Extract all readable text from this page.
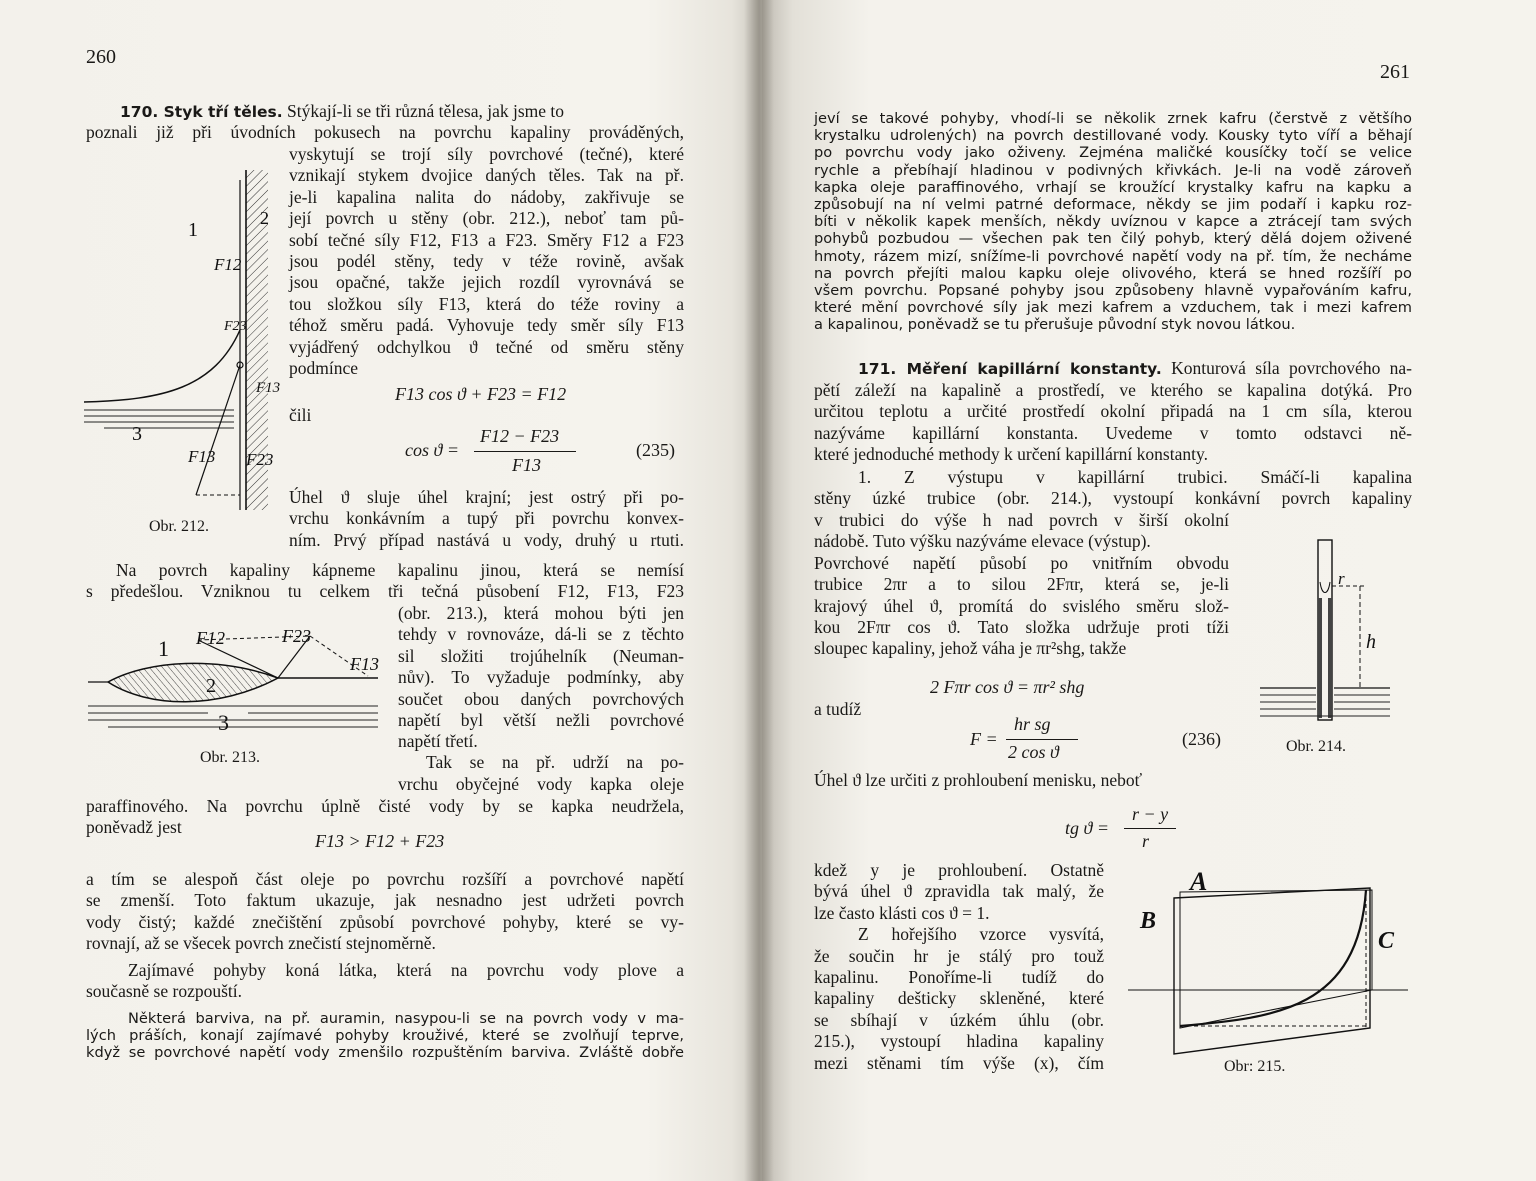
260
170. Styk tří těles. Stýkají-li se tři různá tělesa, jak jsme to
poznali již při úvodních pokusech na povrchu kapaliny prováděných,
vyskytují se trojí síly povrchové (tečné), které
vznikají stykem dvojice daných těles. Tak na př.
je-li kapalina nalita do nádoby, zakřivuje se
její povrch u stěny (obr. 212.), neboť tam pů-
sobí tečné síly F12, F13 a F23. Směry F12 a F23
jsou podél stěny, tedy v téže rovině, avšak
jsou opačné, takže jejich rozdíl vyrovnává se
tou složkou síly F13, která do téže roviny a
téhož směru padá. Vyhovuje tedy směr síly F13
vyjádřený odchylkou ϑ tečné od směru stěny
podmínce
F13 cos ϑ + F23 = F12
čili
cos ϑ =
F12 − F23
F13
(235)
Úhel ϑ sluje úhel krajní; jest ostrý při po-
vrchu konkávním a tupý při povrchu konvex-
ním. Prvý případ nastává u vody, druhý u rtuti.
1
2
3
F12
F13 F23
F13
F23
Obr. 212.
Na povrch kapaliny kápneme kapalinu jinou, která se nemísí
s předešlou. Vzniknou tu celkem tři tečná působení F12, F13, F23
(obr. 213.), která mohou býti jen
tehdy v rovnováze, dá-li se z těchto
sil složiti trojúhelník (Neuman-
nův). To vyžaduje podmínky, aby
součet obou daných povrchových
napětí byl větší nežli povrchové
napětí třetí.
1
2
3
F12	F23
F13
Obr. 213.	Tak se na př. udrží na po-
vrchu obyčejné vody kapka oleje
paraffinového. Na povrchu úplně čisté vody by se kapka neudržela,
poněvadž jest
F13 > F12 + F23
a tím se alespoň část oleje po povrchu rozšíří a povrchové napětí
se zmenší. Toto faktum ukazuje, jak nesnadno jest udržeti povrch
vody čistý; každé znečištění způsobí povrchové pohyby, které se vy-
rovnají, až se všecek povrch znečistí stejnoměrně.
Zajímavé pohyby koná látka, která na povrchu vody plove a
současně se rozpouští.
Některá barviva, na př. auramin, nasypou-li se na povrch vody v ma-
lých práších, konají zajímavé pohyby krouživé, které se zvolňují teprve,
když se povrchové napětí vody zmenšilo rozpuštěním barviva. Zvláště dobře
261
jeví se takové pohyby, vhodí-li se několik zrnek kafru (čerstvě z většího
krystalku udrolených) na povrch destillované vody. Kousky tyto víří a běhají
po povrchu vody jako oživeny. Zejména maličké kousíčky točí se velice
rychle a přebíhají hladinou v podivných křivkách. Je-li na vodě zároveň
kapka oleje paraffinového, vrhají se kroužící krystalky kafru na kapku a
způsobují na ní velmi patrné deformace, někdy se jim podaří i kapku roz-
bíti v několik kapek menších, někdy uvíznou v kapce a ztrácejí tam svých
pohybů pozbudou — všechen pak ten čilý pohyb, který dělá dojem oživené
hmoty, rázem mizí, snížíme-li povrchové napětí vody na př. tím, že necháme
na povrch přejíti malou kapku oleje olivového, která se hned rozšíří po
všem povrchu. Popsané pohyby jsou způsobeny hlavně vypařováním kafru,
které mění povrchové síly jak mezi kafrem a vzduchem, tak i mezi kafrem
a kapalinou, poněvadž se tu přerušuje původní styk novou látkou.
171. Měření kapillární konstanty. Konturová síla povrchového na-
pětí záleží na kapalině a prostředí, ve kterého se kapalina dotýká. Pro
určitou teplotu a určité prostředí okolní připadá na 1 cm síla, kterou
nazýváme kapillární konstanta. Uvedeme v tomto odstavci ně-
které jednoduché methody k určení kapillární konstanty.
1. Z výstupu v kapillární trubici. Smáčí-li kapalina
stěny úzké trubice (obr. 214.), vystoupí konkávní povrch kapaliny
v trubici do výše h nad povrch v širší okolní
nádobě. Tuto výšku nazýváme elevace (výstup).
Povrchové napětí působí po vnitřním obvodu
trubice 2πr a to silou 2Fπr, která se, je-li
krajový úhel ϑ, promítá do svislého směru slož-
kou 2Fπr cos ϑ. Tato složka udržuje proti tíži
sloupec kapaliny, jehož váha je πr²shg, takže
2 Fπr cos ϑ = πr² shg
a tudíž
F =
hr sg
2 cos ϑ
(236)
r
h
Obr. 214.
Úhel ϑ lze určiti z prohloubení menisku, neboť
tg ϑ =
r − y
r
kdež y je prohloubení. Ostatně
bývá úhel ϑ zpravidla tak malý, že
lze často klásti cos ϑ = 1.
Z hořejšího vzorce vysvítá,
že součin hr je stálý pro touž
kapalinu. Ponoříme-li tudíž do
kapaliny dešticky skleněné, které
se sbíhají v úzkém úhlu (obr.
215.), vystoupí hladina kapaliny
mezi stěnami tím výše (x), čím
A
B
C
Obr: 215.
